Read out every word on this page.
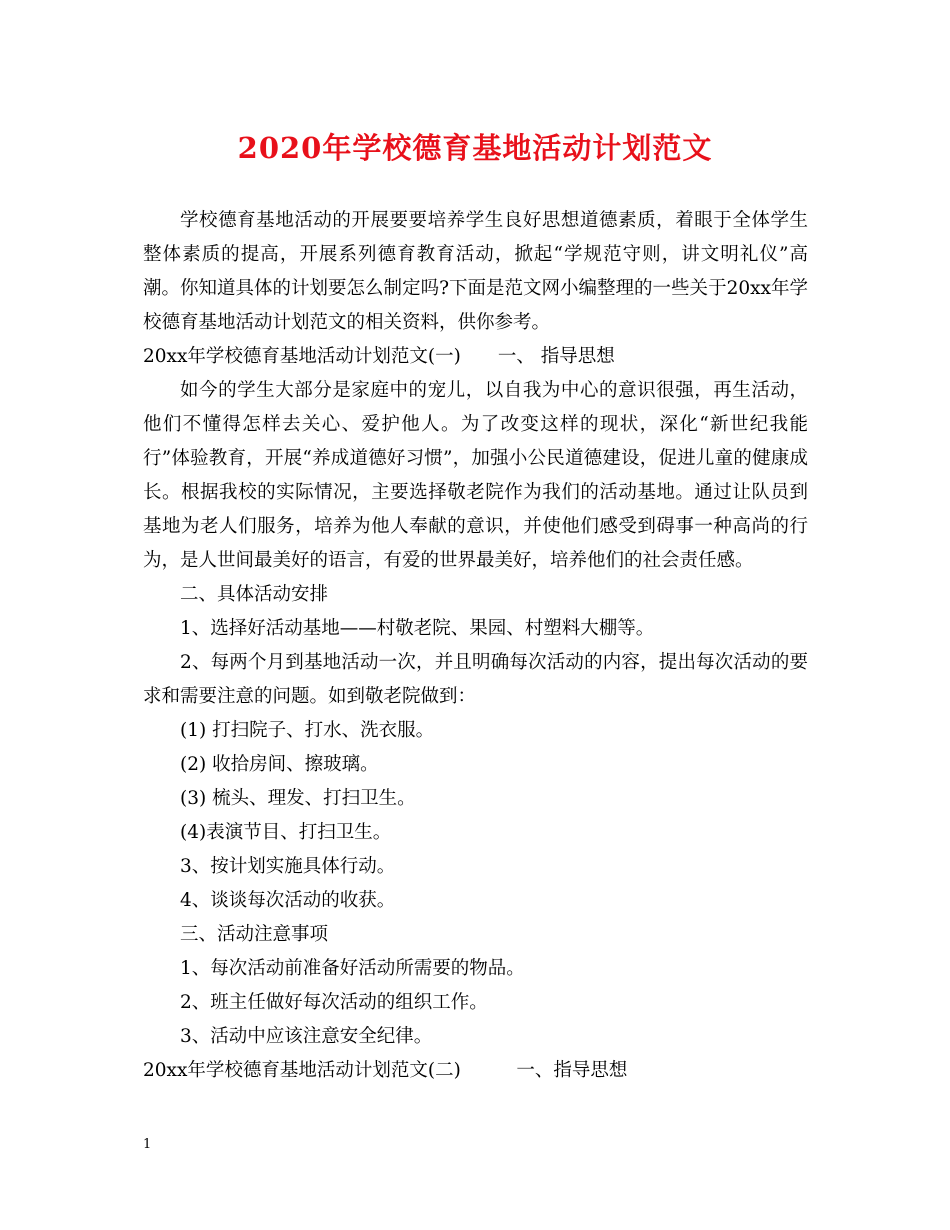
2020年学校德育基地活动计划范文

学校德育基地活动的开展要要培养学生良好思想道德素质，着眼于全体学生整体素质的提高，开展系列德育教育活动，掀起“学规范守则，讲文明礼仪”高潮。你知道具体的计划要怎么制定吗?下面是范文网小编整理的一些关于20xx年学校德育基地活动计划范文的相关资料，供你参考。

20xx年学校德育基地活动计划范文(一)　　一、 指导思想

如今的学生大部分是家庭中的宠儿，以自我为中心的意识很强，再生活动，他们不懂得怎样去关心、爱护他人。为了改变这样的现状，深化“新世纪我能行”体验教育，开展“养成道德好习惯”，加强小公民道德建设，促进儿童的健康成长。根据我校的实际情况，主要选择敬老院作为我们的活动基地。通过让队员到基地为老人们服务，培养为他人奉献的意识，并使他们感受到碍事一种高尚的行为，是人世间最美好的语言，有爱的世界最美好，培养他们的社会责任感。

二、具体活动安排

1、选择好活动基地——村敬老院、果园、村塑料大棚等。

2、每两个月到基地活动一次，并且明确每次活动的内容，提出每次活动的要求和需要注意的问题。如到敬老院做到：

(1) 打扫院子、打水、洗衣服。

(2) 收拾房间、擦玻璃。

(3) 梳头、理发、打扫卫生。

(4)表演节目、打扫卫生。

3、按计划实施具体行动。

4、谈谈每次活动的收获。

三、活动注意事项

1、每次活动前准备好活动所需要的物品。

2、班主任做好每次活动的组织工作。

3、活动中应该注意安全纪律。

20xx年学校德育基地活动计划范文(二)　　　一、指导思想

1
